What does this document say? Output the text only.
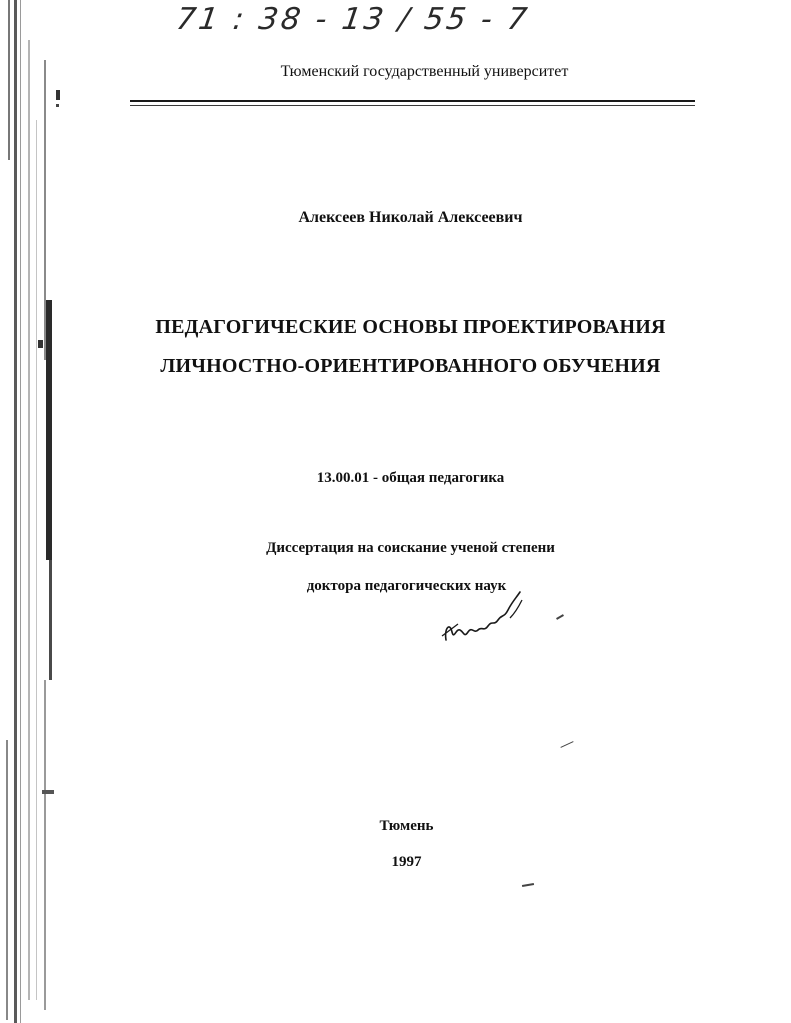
71 : 38 - 13 / 55 - 7
Тюменский государственный университет
Алексеев Николай Алексеевич
ПЕДАГОГИЧЕСКИЕ ОСНОВЫ ПРОЕКТИРОВАНИЯ
ЛИЧНОСТНО-ОРИЕНТИРОВАННОГО ОБУЧЕНИЯ
13.00.01 - общая педагогика
Диссертация на соискание ученой степени
доктора педагогических наук
Тюмень
1997
